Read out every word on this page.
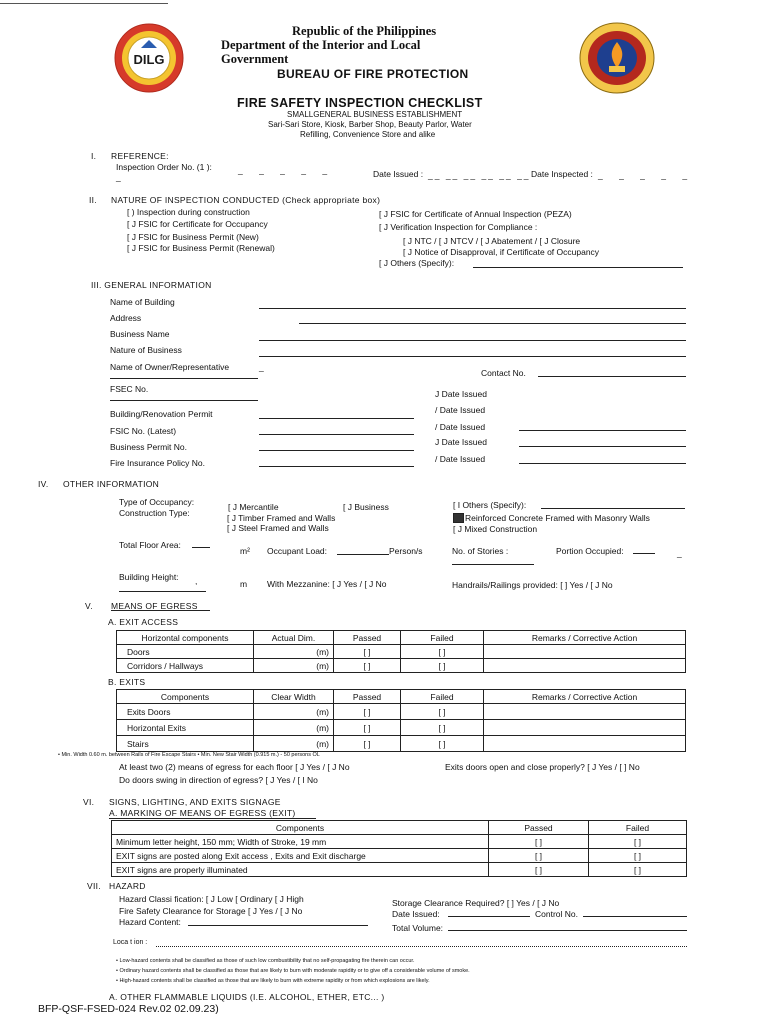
DILG
Republic of the Philippines
Department of the Interior and Local
Government
BUREAU OF FIRE PROTECTION
FIRE SAFETY INSPECTION CHECKLIST
SMALLGENERAL BUSINESS ESTABLISHMENT
Sari-Sari Store, Kiosk, Barber Shop, Beauty Parlor, Water
Refilling, Convenience Store and alike
I. REFERENCE:
Inspection Order No. (1 ):	_ _ _ _ _
_	Date Issued : __ __ __ __ __ __ Date Inspected : _ _ _ _ _
II. NATURE OF INSPECTION CONDUCTED (Check appropriate box)
[ ) Inspection during construction
[ J FSIC for Certificate for Occupancy
[ J FSIC for Business Permit (New)
[ J FSIC for Business Permit (Renewal)
[ J FSIC for Certificate of Annual Inspection (PEZA)
[ J Verification Inspection for Compliance :
[ J NTC / [ J NTCV / [ J Abatement / [ J Closure
[ J Notice of Disapproval, if Certificate of Occupancy
[ J Others (Specify):
III. GENERAL INFORMATION
Name of Building
Address
Business Name
Nature of Business
Name of Owner/Representative	_
Contact No.
FSEC No.	J Date Issued
Building/Renovation Permit	/ Date Issued
FSIC No. (Latest)	/ Date Issued
Business Permit No.	J Date Issued
Fire Insurance Policy No.	/ Date Issued
IV. OTHER INFORMATION
Type of Occupancy:
Construction Type:
[ J Mercantile	[ J Business	[ I Others (Specify):
[ J Timber Framed and Walls	Reinforced Concrete Framed with Masonry Walls
[ J Steel Framed and Walls	[ J Mixed Construction
Total Floor Area:
m² Occupant Load:	Person/s	No. of Stories :	Portion Occupied:	_
Building Height: ,	m With Mezzanine: [ J Yes / [ J No	Handrails/Railings provided: [ ] Yes / [ J No
V. MEANS OF EGRESS
A. EXIT ACCESS
Horizontal components	Actual Dim.	Passed	Failed	Remarks / Corrective Action
Doors	(m)	[ ]	[ ]	
Corridors / Hallways	(m)	[ ]	[ ]	
B. EXITS
Components	Clear Width	Passed	Failed	Remarks / Corrective Action
Exits Doors	(m)	[ ]	[ ]	
Horizontal Exits	(m)	[ ]	[ ]	
Stairs	(m)	[ ]	[ ]	
• Min. Width 0.60 m. between Rails of Fire Escape Stairs • Min. New Stair Width (0.915 m.) - 50 persons OL
At least two (2) means of egress for each floor [ J Yes / [ J No	Exits doors open and close properly? [ J Yes / [ ] No
Do doors swing in direction of egress? [ J Yes / [ I No
VI. SIGNS, LIGHTING, AND EXITS SIGNAGE
A. MARKING OF MEANS OF EGRESS (EXIT)
Components	Passed	Failed
Minimum letter height, 150 mm; Width of Stroke, 19 mm	[ ]	[ ]
EXIT signs are posted along Exit access , Exits and Exit discharge	[ ]	[ ]
EXIT signs are properly illuminated	[ ]	[ ]
VII. HAZARD
Hazard Classi fication: [ J Low [ Ordinary [ J High
Fire Safety Clearance for Storage [ J Yes / [ J No
Hazard Content:
Storage Clearance Required? [ ] Yes / [ J No
Date Issued:	Control No.
Total Volume:
Loca t ion :
• Low-hazard contents shall be classified as those of such low combustibility that no self-propagating fire therein can occur.
• Ordinary hazard contents shall be classified as those that are likely to burn with moderate rapidity or to give off a considerable volume of smoke.
• High-hazard contents shall be classified as those that are likely to burn with extreme rapidity or from which explosions are likely.
A. OTHER FLAMMABLE LIQUIDS (I.E. ALCOHOL, ETHER, ETC... )
BFP-QSF-FSED-024 Rev.02 02.09.23)
